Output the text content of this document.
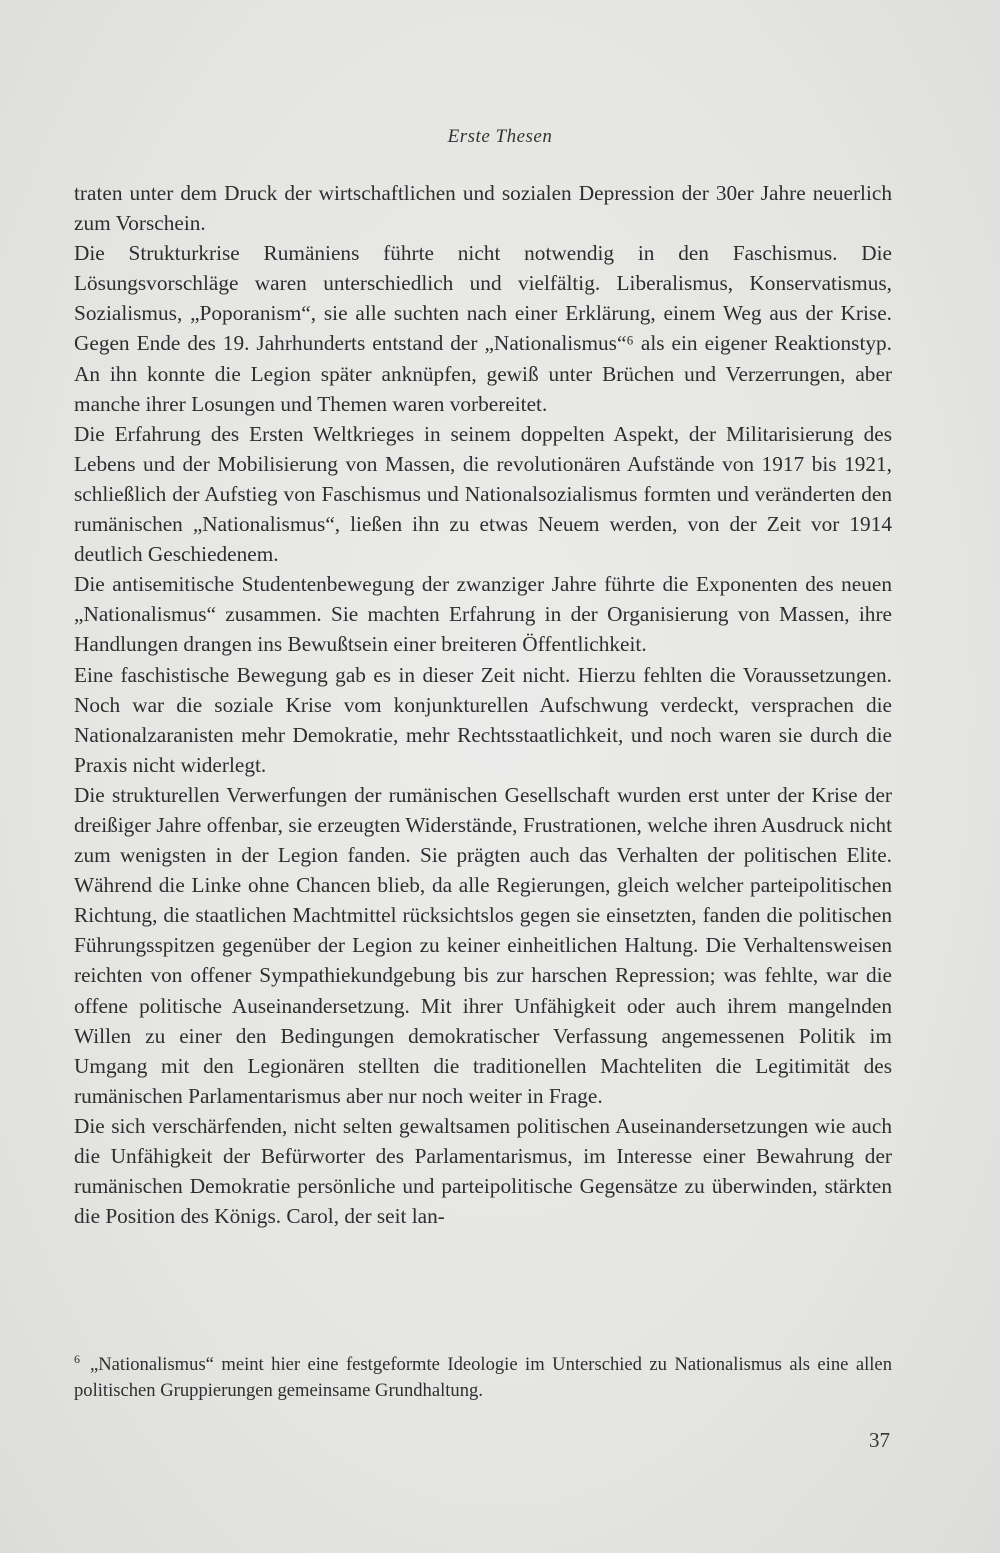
Erste Thesen

traten unter dem Druck der wirtschaftlichen und sozialen Depression der 30er Jahre neuerlich zum Vorschein.

Die Strukturkrise Rumäniens führte nicht notwendig in den Faschismus. Die Lösungsvorschläge waren unterschiedlich und vielfältig. Liberalismus, Konservatismus, Sozialismus, „Poporanism“, sie alle suchten nach einer Erklärung, einem Weg aus der Krise. Gegen Ende des 19. Jahrhunderts entstand der „Nationalismus“⁶ als ein eigener Reaktionstyp. An ihn konnte die Legion später anknüpfen, gewiß unter Brüchen und Verzerrungen, aber manche ihrer Losungen und Themen waren vorbereitet.

Die Erfahrung des Ersten Weltkrieges in seinem doppelten Aspekt, der Militarisierung des Lebens und der Mobilisierung von Massen, die revolutionären Aufstände von 1917 bis 1921, schließlich der Aufstieg von Faschismus und Nationalsozialismus formten und veränderten den rumänischen „Nationalismus“, ließen ihn zu etwas Neuem werden, von der Zeit vor 1914 deutlich Geschiedenem.

Die antisemitische Studentenbewegung der zwanziger Jahre führte die Exponenten des neuen „Nationalismus“ zusammen. Sie machten Erfahrung in der Organisierung von Massen, ihre Handlungen drangen ins Bewußtsein einer breiteren Öffentlichkeit.

Eine faschistische Bewegung gab es in dieser Zeit nicht. Hierzu fehlten die Voraussetzungen. Noch war die soziale Krise vom konjunkturellen Aufschwung verdeckt, versprachen die Nationalzaranisten mehr Demokratie, mehr Rechtsstaatlichkeit, und noch waren sie durch die Praxis nicht widerlegt.

Die strukturellen Verwerfungen der rumänischen Gesellschaft wurden erst unter der Krise der dreißiger Jahre offenbar, sie erzeugten Widerstände, Frustrationen, welche ihren Ausdruck nicht zum wenigsten in der Legion fanden. Sie prägten auch das Verhalten der politischen Elite. Während die Linke ohne Chancen blieb, da alle Regierungen, gleich welcher parteipolitischen Richtung, die staatlichen Machtmittel rücksichtslos gegen sie einsetzten, fanden die politischen Führungsspitzen gegenüber der Legion zu keiner einheitlichen Haltung. Die Verhaltensweisen reichten von offener Sympathiekundgebung bis zur harschen Repression; was fehlte, war die offene politische Auseinandersetzung. Mit ihrer Unfähigkeit oder auch ihrem mangelnden Willen zu einer den Bedingungen demokratischer Verfassung angemessenen Politik im Umgang mit den Legionären stellten die traditionellen Machteliten die Legitimität des rumänischen Parlamentarismus aber nur noch weiter in Frage.

Die sich verschärfenden, nicht selten gewaltsamen politischen Auseinandersetzungen wie auch die Unfähigkeit der Befürworter des Parlamentarismus, im Interesse einer Bewahrung der rumänischen Demokratie persönliche und parteipolitische Gegensätze zu überwinden, stärkten die Position des Königs. Carol, der seit lan-

$^6$ „Nationalismus“ meint hier eine festgeformte Ideologie im Unterschied zu Nationalismus als eine allen politischen Gruppierungen gemeinsame Grundhaltung.
37
